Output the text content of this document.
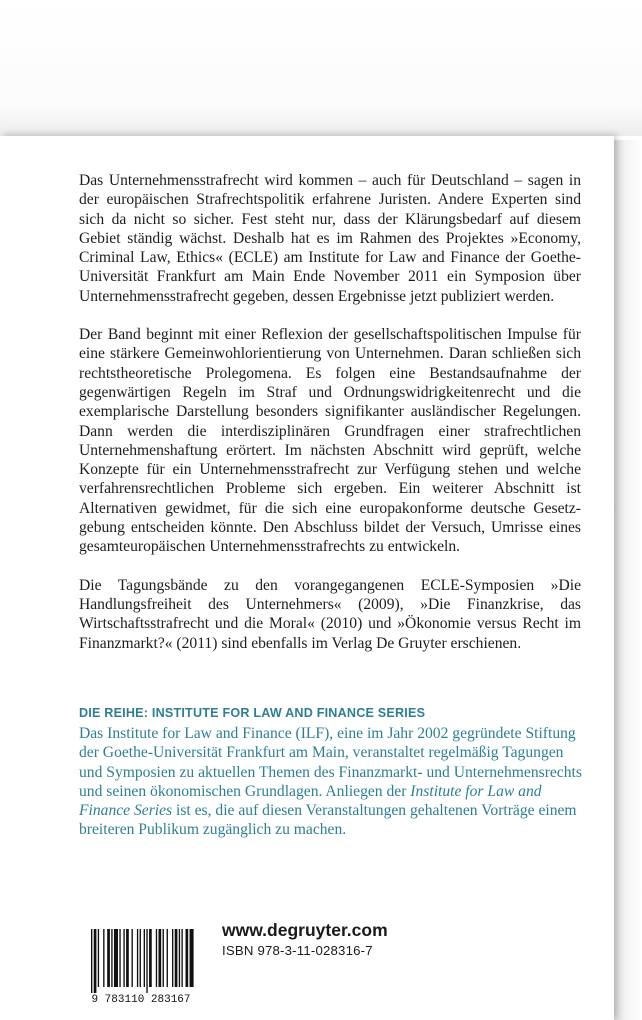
Das Unternehmensstrafrecht wird kommen – auch für Deutschland – sagen in der europäischen Strafrechtspolitik erfahrene Juristen. Andere Experten sind sich da nicht so sicher. Fest steht nur, dass der Klärungsbedarf auf diesem Gebiet ständig wächst. Deshalb hat es im Rahmen des Projektes »Economy, Criminal Law, Ethics« (ECLE) am Institute for Law and Finance der Goethe-Universität Frankfurt am Main Ende November 2011 ein Symposion über Unternehmensstrafrecht gegeben, dessen Ergebnisse jetzt publiziert werden.

Der Band beginnt mit einer Reflexion der gesellschaftspolitischen Impulse für eine stärkere Gemeinwohlorientierung von Unternehmen. Daran schließen sich rechtstheoretische Prolegomena. Es folgen eine Bestandsaufnahme der gegenwärtigen Regeln im Straf und Ordnungswidrigkeitenrecht und die exemplarische Darstellung besonders signifikanter ausländischer Regelungen. Dann werden die interdisziplinären Grundfragen einer strafrechtlichen Unternehmenshaftung erörtert. Im nächsten Abschnitt wird geprüft, welche Konzepte für ein Unternehmensstrafrecht zur Verfügung stehen und welche verfahrensrechtlichen Probleme sich ergeben. Ein weiterer Abschnitt ist Alternativen gewidmet, für die sich eine europakonforme deutsche Gesetzgebung entscheiden könnte. Den Abschluss bildet der Versuch, Umrisse eines gesamteuropäischen Unternehmensstrafrechts zu entwickeln.

Die Tagungsbände zu den vorangegangenen ECLE-Symposien »Die Handlungsfreiheit des Unternehmers« (2009), »Die Finanzkrise, das Wirtschaftsstrafrecht und die Moral« (2010) und »Ökonomie versus Recht im Finanzmarkt?« (2011) sind ebenfalls im Verlag De Gruyter erschienen.

DIE REIHE: INSTITUTE FOR LAW AND FINANCE SERIES

Das Institute for Law and Finance (ILF), eine im Jahr 2002 gegründete Stiftung der Goethe-Universität Frankfurt am Main, veranstaltet regelmäßig Tagungen und Symposien zu aktuellen Themen des Finanzmarkt- und Unternehmensrechts und seinen ökonomischen Grundlagen. Anliegen der Institute for Law and Finance Series ist es, die auf diesen Veranstaltungen gehaltenen Vorträge einem breiteren Publikum zugänglich zu machen.

9 783110 283167
www.degruyter.com
ISBN 978-3-11-028316-7
